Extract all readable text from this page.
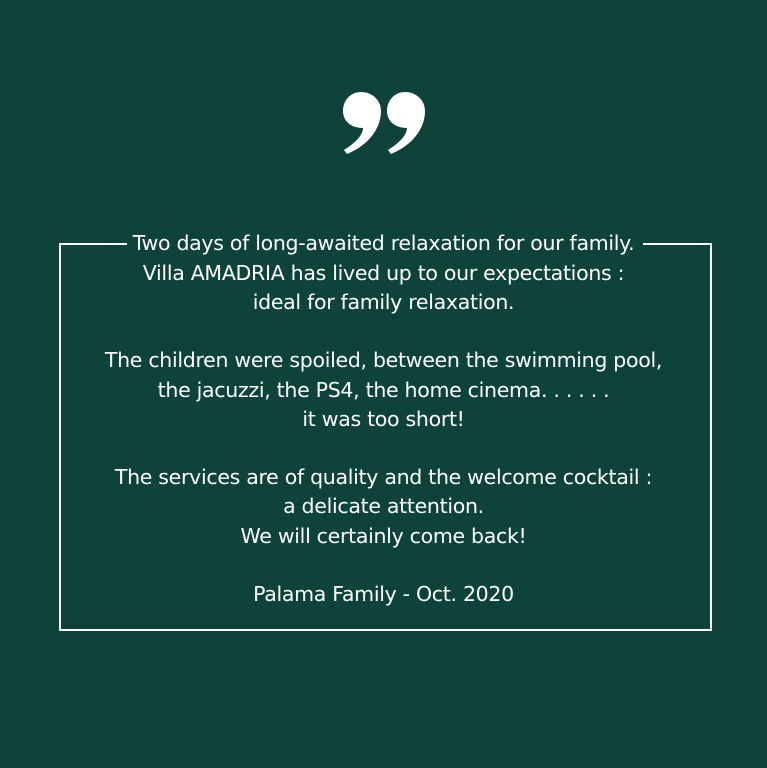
Two days of long-awaited relaxation for our family.
Villa AMADRIA has lived up to our expectations :
ideal for family relaxation.
The children were spoiled, between the swimming pool,
the jacuzzi, the PS4, the home cinema. . . . . .
it was too short!
The services are of quality and the welcome cocktail :
a delicate attention.
We will certainly come back!
Palama Family - Oct. 2020
